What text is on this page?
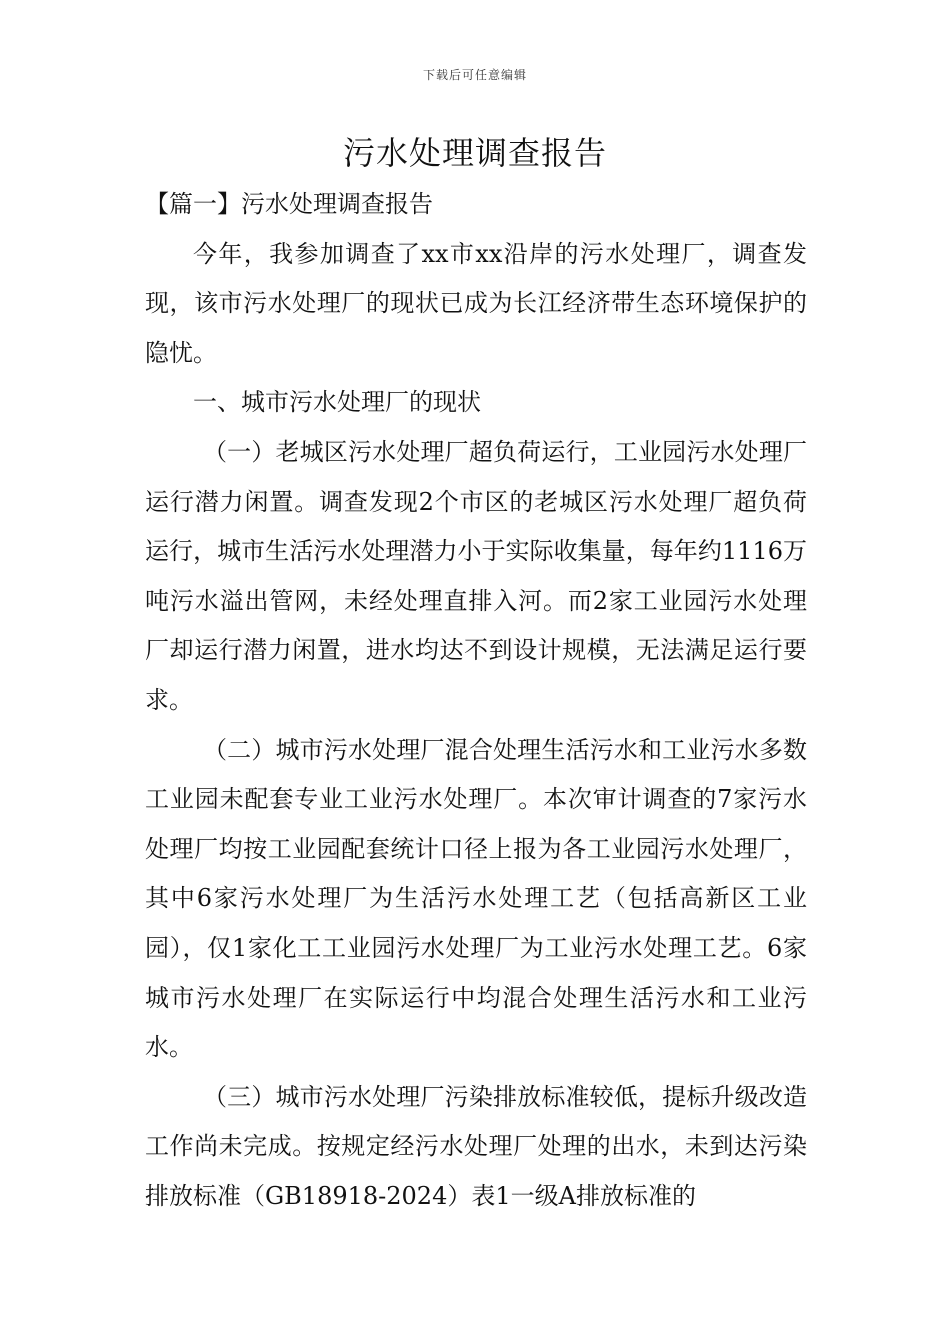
下载后可任意编辑
污水处理调查报告

【篇一】污水处理调查报告

今年，我参加调查了xx市xx沿岸的污水处理厂，调查发现，该市污水处理厂的现状已成为长江经济带生态环境保护的隐忧。

一、城市污水处理厂的现状

（一）老城区污水处理厂超负荷运行，工业园污水处理厂运行潜力闲置。调查发现2个市区的老城区污水处理厂超负荷运行，城市生活污水处理潜力小于实际收集量，每年约1116万吨污水溢出管网，未经处理直排入河。而2家工业园污水处理厂却运行潜力闲置，进水均达不到设计规模，无法满足运行要求。

（二）城市污水处理厂混合处理生活污水和工业污水多数工业园未配套专业工业污水处理厂。本次审计调查的7家污水处理厂均按工业园配套统计口径上报为各工业园污水处理厂，其中6家污水处理厂为生活污水处理工艺（包括高新区工业园），仅1家化工工业园污水处理厂为工业污水处理工艺。6家城市污水处理厂在实际运行中均混合处理生活污水和工业污水。

（三）城市污水处理厂污染排放标准较低，提标升级改造工作尚未完成。按规定经污水处理厂处理的出水，未到达污染排放标准（GB18918-2024）表1一级A排放标准的
